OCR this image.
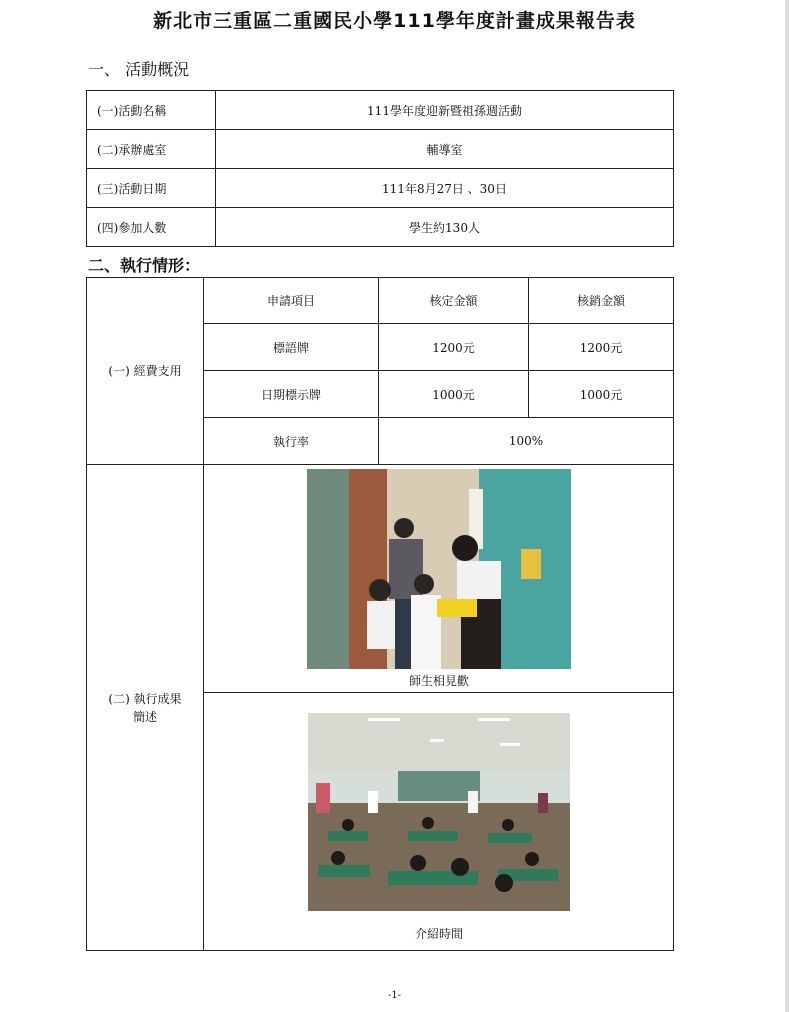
新北市三重區二重國民小學111學年度計畫成果報告表
一、 活動概況
(一)活動名稱	111學年度迎新暨祖孫週活動
(二)承辦處室	輔導室
(三)活動日期	111年8月27日 、30日
(四)參加人數	學生約130人
二、執行情形：
(一) 經費支用	申請項目	核定金額	核銷金額
	標語牌	1200元	1200元
	日期標示牌	1000元	1000元
	執行率	100%	
(二) 執行成果
簡述	

師生相見歡
介紹時間
-1-
